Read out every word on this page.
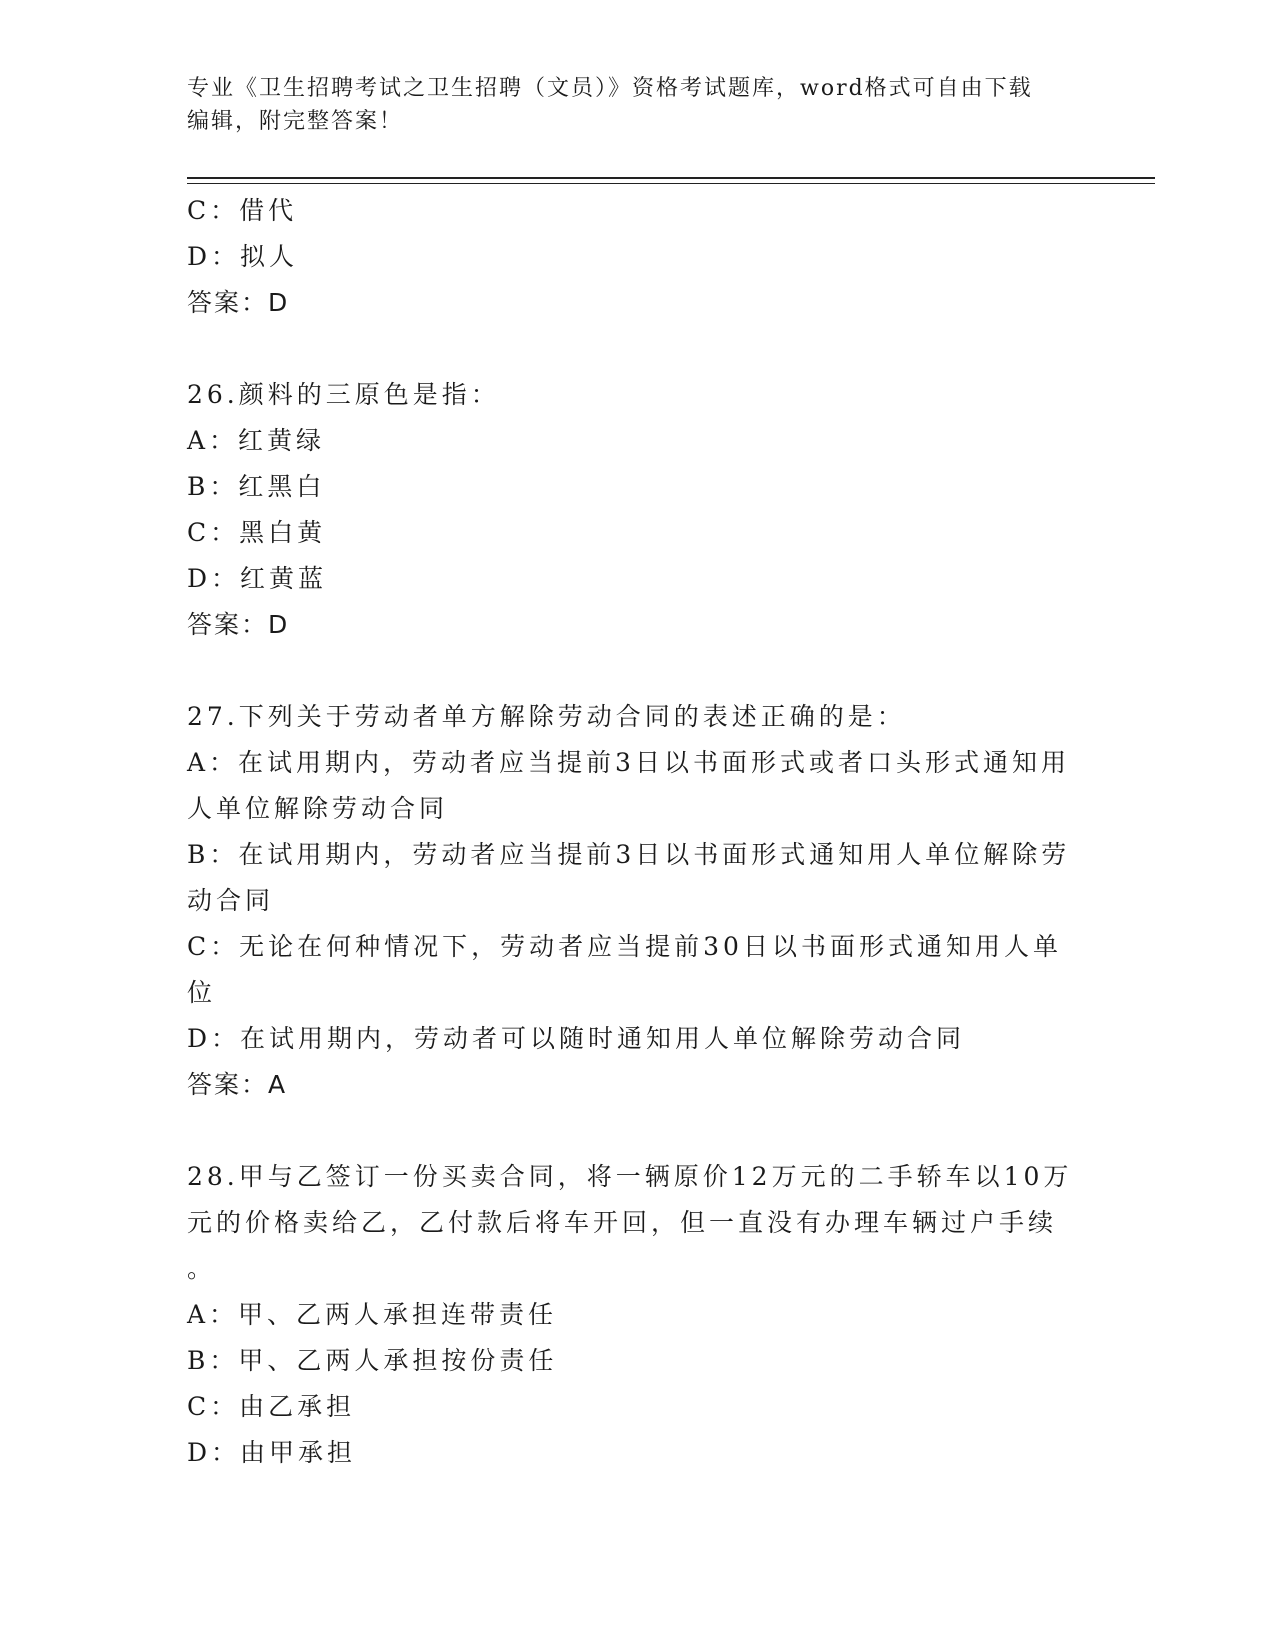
专业《卫生招聘考试之卫生招聘（文员）》资格考试题库，word格式可自由下载
编辑，附完整答案！
C：借代
D：拟人
答案：D
26.颜料的三原色是指：
A：红黄绿
B：红黑白
C：黑白黄
D：红黄蓝
答案：D
27.下列关于劳动者单方解除劳动合同的表述正确的是：
A：在试用期内，劳动者应当提前3日以书面形式或者口头形式通知用
人单位解除劳动合同
B：在试用期内，劳动者应当提前3日以书面形式通知用人单位解除劳
动合同
C：无论在何种情况下，劳动者应当提前30日以书面形式通知用人单
位
D：在试用期内，劳动者可以随时通知用人单位解除劳动合同
答案：A
28.甲与乙签订一份买卖合同，将一辆原价12万元的二手轿车以10万
元的价格卖给乙，乙付款后将车开回，但一直没有办理车辆过户手续
。
A：甲、乙两人承担连带责任
B：甲、乙两人承担按份责任
C：由乙承担
D：由甲承担
